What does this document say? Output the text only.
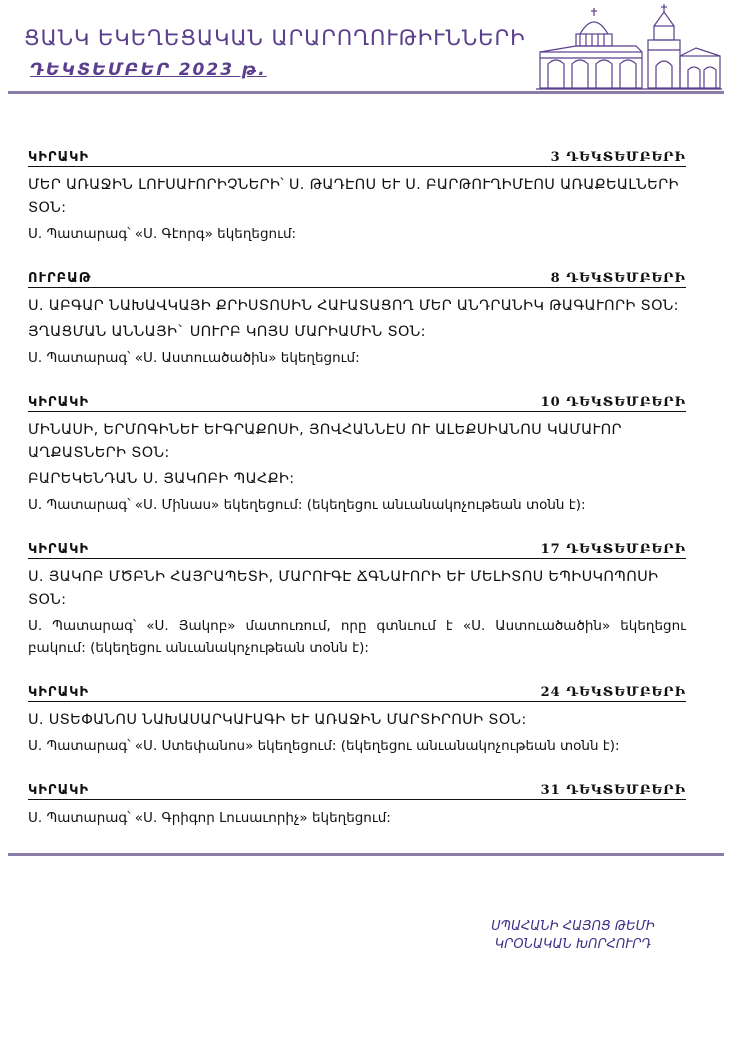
ՑԱՆԿ ԵԿԵՂԵՑԱԿԱՆ ԱՐԱՐՈՂՈՒԹԻՒՆՆԵՐԻ
ԴԵԿՏԵՄԲԵՐ 2023 թ.
ԿԻՐԱԿԻ	3 ԴԵԿՏԵՄԲԵՐԻ
ՄԵՐ ԱՌԱՋԻՆ ԼՈՒՍԱՒՈՐԻՉՆԵՐԻ՝ Ս. ԹԱԴԷՈՍ ԵՒ Ս. ԲԱՐԹՈՒՂԻՄԷՈՍ ԱՌԱՔԵԱԼՆԵՐԻ ՏՕՆ:
Ս. Պատարագ՝ «Ս. Գէորգ» եկեղեցում:
ՈՒՐԲԱԹ	8 ԴԵԿՏԵՄԲԵՐԻ
Ս. ԱԲԳԱՐ ՆԱԽԱՎԿԱՅԻ ՔՐԻՍՏՈՍԻՆ ՀԱՒԱՏԱՑՈՂ ՄԵՐ ԱՆԴՐԱՆԻԿ ԹԱԳԱՒՈՐԻ ՏՕՆ:
ՅՂԱՑՄԱՆ ԱՆՆԱՅԻ` ՍՈՒՐԲ ԿՈՅՍ ՄԱՐԻԱՄԻՆ ՏՕՆ:
Ս. Պատարագ՝ «Ս. Աստուածածին» եկեղեցում:
ԿԻՐԱԿԻ	10 ԴԵԿՏԵՄԲԵՐԻ
ՄԻՆԱՍԻ, ԵՐՄՈԳԻՆԵՒ ԵՒԳՐԱՔՈՍԻ, ՅՈՎՀԱՆՆԷՍ ՈՒ ԱԼԵՔՍԻԱՆՈՍ ԿԱՄԱՒՈՐ ԱՂՔԱՏՆԵՐԻ ՏՕՆ:
ԲԱՐԵԿԵՆԴԱՆ Ս. ՅԱԿՈԲԻ ՊԱՀՔԻ:
Ս. Պատարագ՝ «Ս. Մինաս» եկեղեցում: (եկեղեցու անւանակոչութեան տօնն է):
ԿԻՐԱԿԻ	17 ԴԵԿՏԵՄԲԵՐԻ
Ս. ՅԱԿՈԲ ՄԾԲՆԻ ՀԱՅՐԱՊԵՏԻ, ՄԱՐՈՒԳԷ ՃԳՆԱՒՈՐԻ ԵՒ ՄԵԼԻՏՈՍ ԵՊԻՍԿՈՊՈՍԻ ՏՕՆ:
Ս. Պատարագ՝ «Ս. Յակոբ» մատուռում, որը գտնւում է «Ս. Աստուածածին» եկեղեցու բակում: (եկեղեցու անւանակոչութեան տօնն է):
ԿԻՐԱԿԻ	24 ԴԵԿՏԵՄԲԵՐԻ
Ս. ՍՏԵՓԱՆՈՍ ՆԱԽԱՍԱՐԿԱՒԱԳԻ ԵՒ ԱՌԱՋԻՆ ՄԱՐՏԻՐՈՍԻ ՏՕՆ:
Ս. Պատարագ՝ «Ս. Ստեփանոս» եկեղեցում: (եկեղեցու անւանակոչութեան տօնն է):
ԿԻՐԱԿԻ	31 ԴԵԿՏԵՄԲԵՐԻ
Ս. Պատարագ՝ «Ս. Գրիգոր Լուսաւորիչ» եկեղեցում:
ՍՊԱՀԱՆԻ ՀԱՅՈՑ ԹԵՄԻ
ԿՐՕՆԱԿԱՆ ԽՈՐՀՈՒՐԴ
